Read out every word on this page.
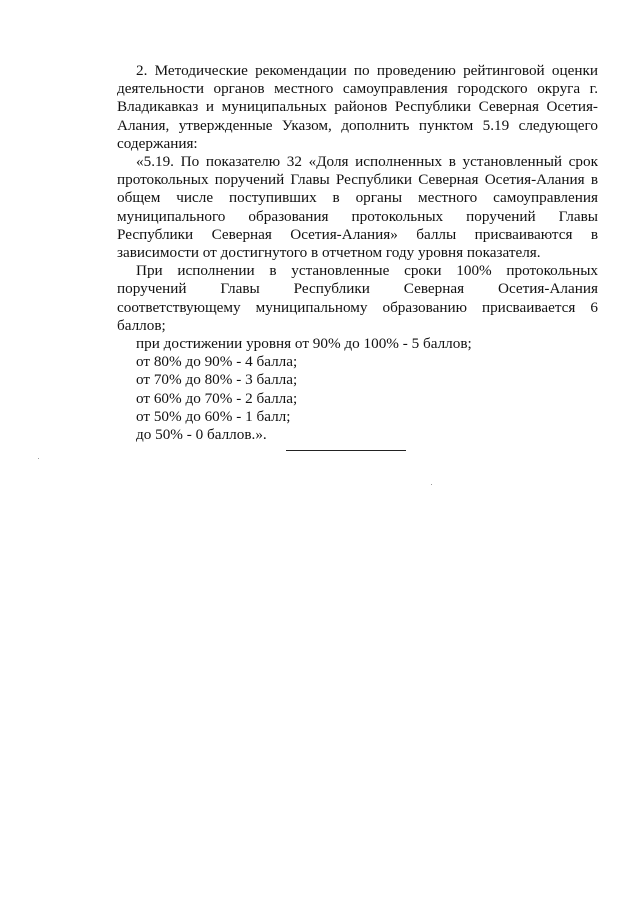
2. Методические рекомендации по проведению рейтинговой оценки деятельности органов местного самоуправления городского округа г. Владикавказ и муниципальных районов Республики Северная Осетия-Алания, утвержденные Указом, дополнить пунктом 5.19 следующего содержания:

«5.19. По показателю 32 «Доля исполненных в установленный срок протокольных поручений Главы Республики Северная Осетия-Алания в общем числе поступивших в органы местного самоуправления муниципального образования протокольных поручений Главы Республики Северная Осетия-Алания» баллы присваиваются в зависимости от достигнутого в отчетном году уровня показателя.

При исполнении в установленные сроки 100% протокольных поручений Главы Республики Северная Осетия-Алания соответствующему муниципальному образованию присваивается 6 баллов;

при достижении уровня от 90% до 100% - 5 баллов;

от 80% до 90% - 4 балла;

от 70% до 80% - 3 балла;

от 60% до 70% - 2 балла;

от 50% до 60% - 1 балл;

до 50% - 0 баллов.».
